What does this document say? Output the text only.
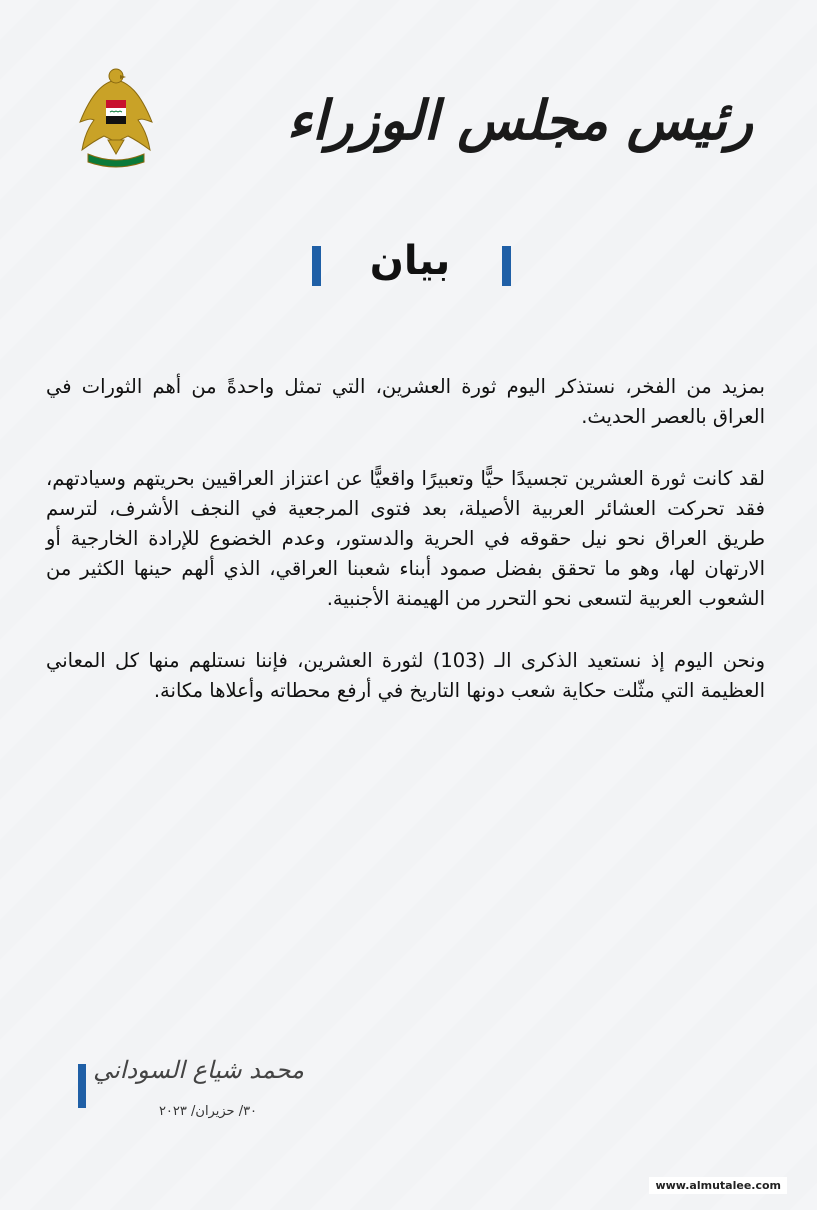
رئيس مجلس الوزراء
بيان

بمزيد من الفخر، نستذكر اليوم ثورة العشرين، التي تمثل واحدةً من أهم الثورات في العراق بالعصر الحديث.

لقد كانت ثورة العشرين تجسيدًا حيًّا وتعبيرًا واقعيًّا عن اعتزاز العراقيين بحريتهم وسيادتهم، فقد تحركت العشائر العربية الأصيلة، بعد فتوى المرجعية في النجف الأشرف، لترسم طريق العراق نحو نيل حقوقه في الحرية والدستور، وعدم الخضوع للإرادة الخارجية أو الارتهان لها، وهو ما تحقق بفضل صمود أبناء شعبنا العراقي، الذي ألهم حينها الكثير من الشعوب العربية لتسعى نحو التحرر من الهيمنة الأجنبية.

ونحن اليوم إذ نستعيد الذكرى الـ (103) لثورة العشرين، فإننا نستلهم منها كل المعاني العظيمة التي مثّلت حكاية شعب دونها التاريخ في أرفع محطاته وأعلاها مكانة.

محمد شياع السوداني
٣٠/ حزيران/ ٢٠٢٣
www.almutalee.com
